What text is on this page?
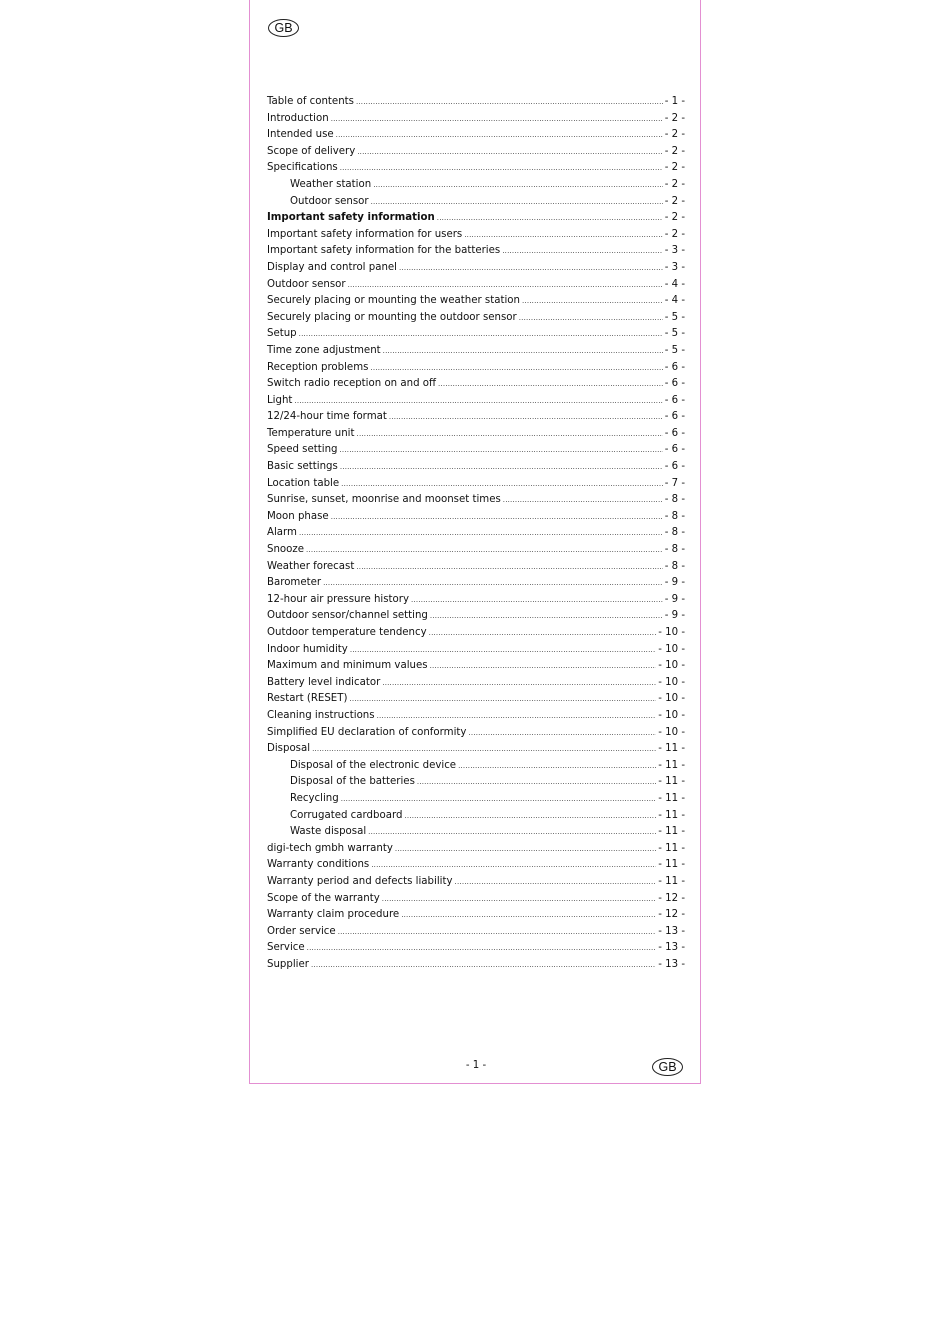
GB
Table of contents .....	- 1 -
Introduction .....	- 2 -
Intended use .....	- 2 -
Scope of delivery .....	- 2 -
Specifications .....	- 2 -
Weather station .....	- 2 -
Outdoor sensor .....	- 2 -
Important safety information .....	- 2 -
Important safety information for users .....	- 2 -
Important safety information for the batteries .....	- 3 -
Display and control panel .....	- 3 -
Outdoor sensor .....	- 4 -
Securely placing or mounting the weather station .....	- 4 -
Securely placing or mounting the outdoor sensor .....	- 5 -
Setup .....	- 5 -
Time zone adjustment .....	- 5 -
Reception problems .....	- 6 -
Switch radio reception on and off .....	- 6 -
Light .....	- 6 -
12/24-hour time format .....	- 6 -
Temperature unit .....	- 6 -
Speed setting .....	- 6 -
Basic settings .....	- 6 -
Location table .....	- 7 -
Sunrise, sunset, moonrise and moonset times .....	- 8 -
Moon phase .....	- 8 -
Alarm .....	- 8 -
Snooze .....	- 8 -
Weather forecast .....	- 8 -
Barometer .....	- 9 -
12-hour air pressure history .....	- 9 -
Outdoor sensor/channel setting .....	- 9 -
Outdoor temperature tendency .....	- 10 -
Indoor humidity .....	- 10 -
Maximum and minimum values .....	- 10 -
Battery level indicator .....	- 10 -
Restart (RESET) .....	- 10 -
Cleaning instructions .....	- 10 -
Simplified EU declaration of conformity .....	- 10 -
Disposal .....	- 11 -
Disposal of the electronic device .....	- 11 -
Disposal of the batteries .....	- 11 -
Recycling .....	- 11 -
Corrugated cardboard .....	- 11 -
Waste disposal .....	- 11 -
digi-tech gmbh warranty .....	- 11 -
Warranty conditions .....	- 11 -
Warranty period and defects liability .....	- 11 -
Scope of the warranty .....	- 12 -
Warranty claim procedure .....	- 12 -
Order service .....	- 13 -
Service .....	- 13 -
Supplier .....	- 13 -
- 1 -	GB
